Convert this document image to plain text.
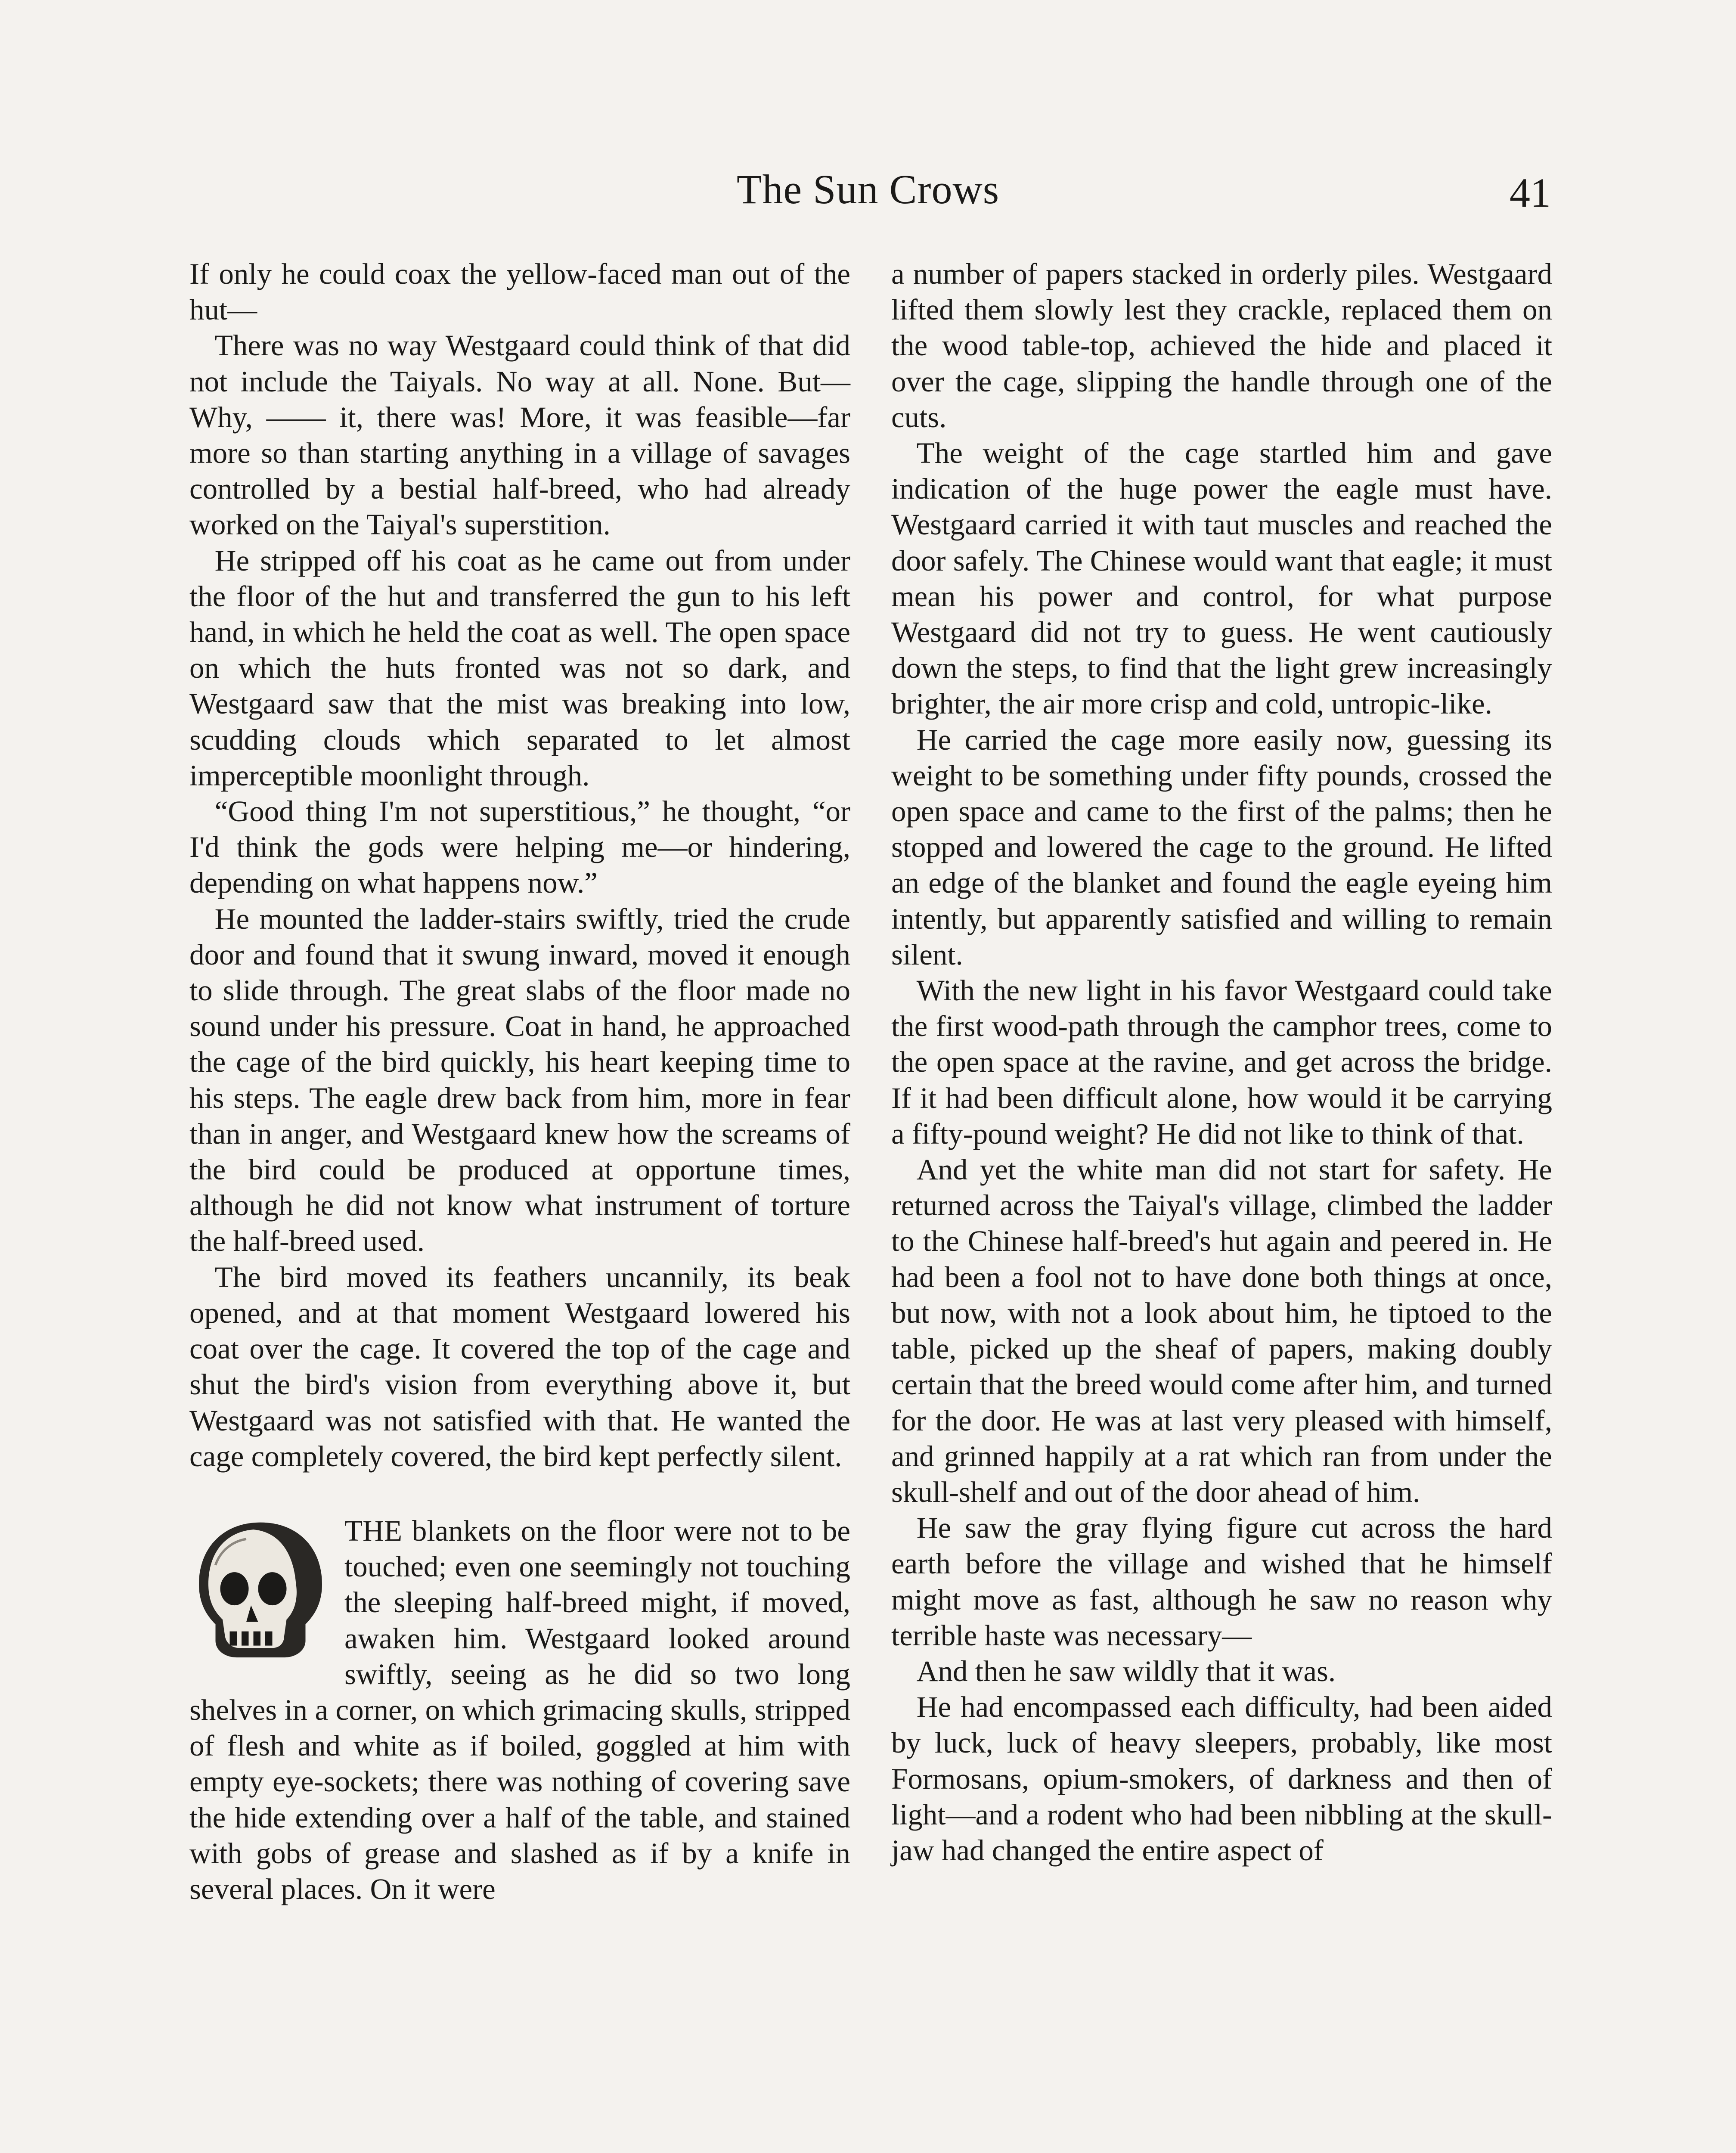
The Sun Crows	41

If only he could coax the yellow-faced man out of the hut—

There was no way Westgaard could think of that did not include the Taiyals. No way at all. None. But— Why, —— it, there was! More, it was feasible—far more so than starting anything in a village of savages controlled by a bestial half-breed, who had already worked on the Taiyal's superstition.

He stripped off his coat as he came out from under the floor of the hut and transferred the gun to his left hand, in which he held the coat as well. The open space on which the huts fronted was not so dark, and Westgaard saw that the mist was breaking into low, scudding clouds which separated to let almost imperceptible moonlight through.

“Good thing I'm not superstitious,” he thought, “or I'd think the gods were helping me—or hindering, depending on what happens now.”

He mounted the ladder-stairs swiftly, tried the crude door and found that it swung inward, moved it enough to slide through. The great slabs of the floor made no sound under his pressure. Coat in hand, he approached the cage of the bird quickly, his heart keeping time to his steps. The eagle drew back from him, more in fear than in anger, and Westgaard knew how the screams of the bird could be produced at opportune times, although he did not know what instrument of torture the half-breed used.

The bird moved its feathers uncannily, its beak opened, and at that moment Westgaard lowered his coat over the cage. It covered the top of the cage and shut the bird's vision from everything above it, but Westgaard was not satisfied with that. He wanted the cage completely covered, the bird kept perfectly silent.

THE blankets on the floor were not to be touched; even one seemingly not touching the sleeping half-breed might, if moved, awaken him. Westgaard looked around swiftly, seeing as he did so two long shelves in a corner, on which grimacing skulls, stripped of flesh and white as if boiled, goggled at him with empty eye-sockets; there was nothing of covering save the hide extending over a half of the table, and stained with gobs of grease and slashed as if by a knife in several places. On it were

a number of papers stacked in orderly piles. Westgaard lifted them slowly lest they crackle, replaced them on the wood table-top, achieved the hide and placed it over the cage, slipping the handle through one of the cuts.

The weight of the cage startled him and gave indication of the huge power the eagle must have. Westgaard carried it with taut muscles and reached the door safely. The Chinese would want that eagle; it must mean his power and control, for what purpose Westgaard did not try to guess. He went cautiously down the steps, to find that the light grew increasingly brighter, the air more crisp and cold, untropic-like.

He carried the cage more easily now, guessing its weight to be something under fifty pounds, crossed the open space and came to the first of the palms; then he stopped and lowered the cage to the ground. He lifted an edge of the blanket and found the eagle eyeing him intently, but apparently satisfied and willing to remain silent.

With the new light in his favor Westgaard could take the first wood-path through the camphor trees, come to the open space at the ravine, and get across the bridge. If it had been difficult alone, how would it be carrying a fifty-pound weight? He did not like to think of that.

And yet the white man did not start for safety. He returned across the Taiyal's village, climbed the ladder to the Chinese half-breed's hut again and peered in. He had been a fool not to have done both things at once, but now, with not a look about him, he tiptoed to the table, picked up the sheaf of papers, making doubly certain that the breed would come after him, and turned for the door. He was at last very pleased with himself, and grinned happily at a rat which ran from under the skull-shelf and out of the door ahead of him.

He saw the gray flying figure cut across the hard earth before the village and wished that he himself might move as fast, although he saw no reason why terrible haste was necessary—

And then he saw wildly that it was.

He had encompassed each difficulty, had been aided by luck, luck of heavy sleepers, probably, like most Formosans, opium-smokers, of darkness and then of light—and a rodent who had been nibbling at the skull-jaw had changed the entire aspect of
